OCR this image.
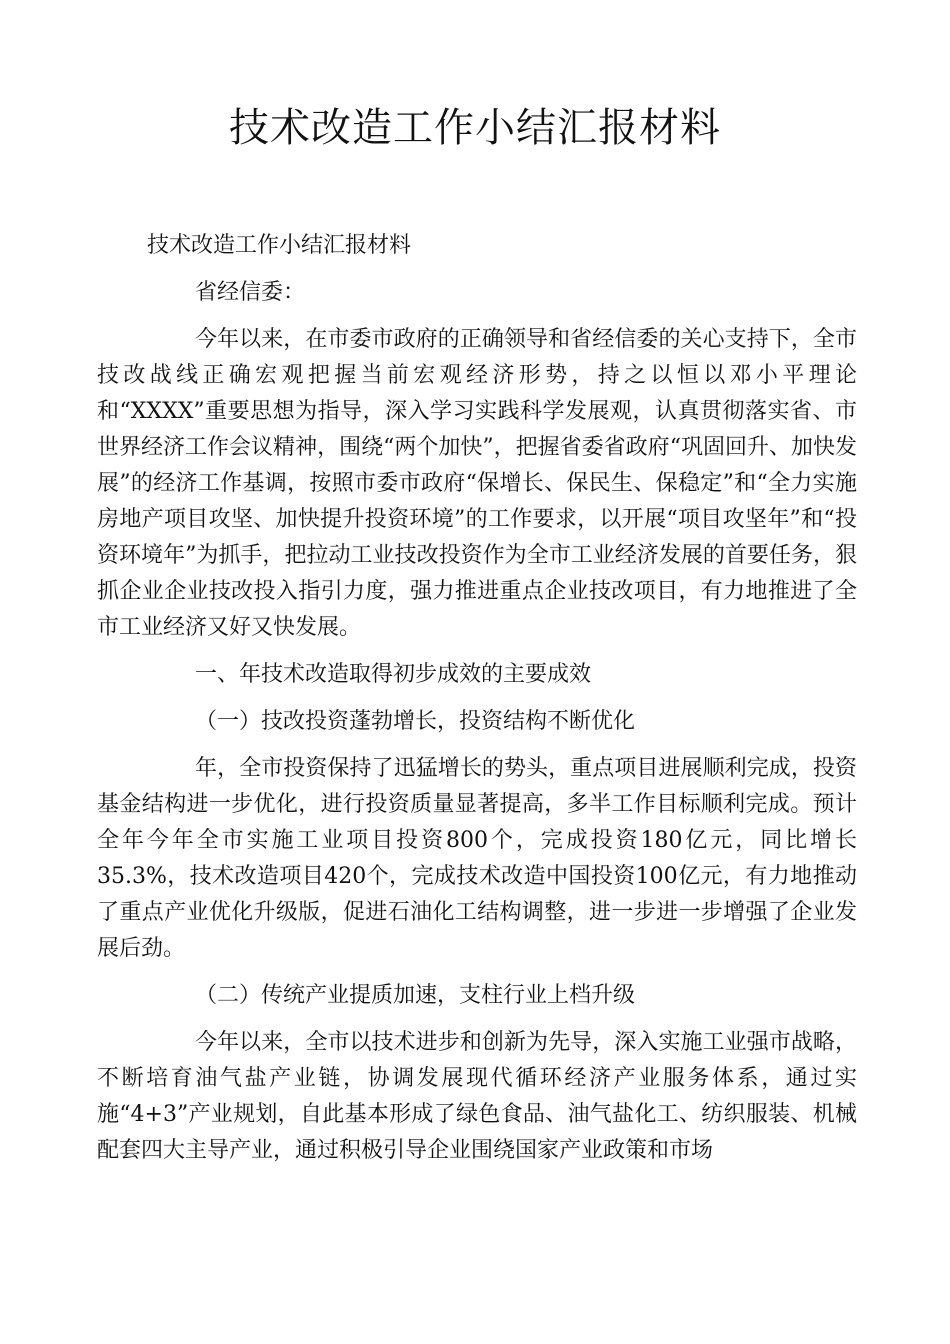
技术改造工作小结汇报材料

技术改造工作小结汇报材料

省经信委：

今年以来，在市委市政府的正确领导和省经信委的关心支持下，全市技改战线正确宏观把握当前宏观经济形势，持之以恒以邓小平理论和“XXXX”重要思想为指导，深入学习实践科学发展观，认真贯彻落实省、市世界经济工作会议精神，围绕“两个加快”，把握省委省政府“巩固回升、加快发展”的经济工作基调，按照市委市政府“保增长、保民生、保稳定”和“全力实施房地产项目攻坚、加快提升投资环境”的工作要求，以开展“项目攻坚年”和“投资环境年”为抓手，把拉动工业技改投资作为全市工业经济发展的首要任务，狠抓企业企业技改投入指引力度，强力推进重点企业技改项目，有力地推进了全市工业经济又好又快发展。

一、年技术改造取得初步成效的主要成效

（一）技改投资蓬勃增长，投资结构不断优化

年，全市投资保持了迅猛增长的势头，重点项目进展顺利完成，投资基金结构进一步优化，进行投资质量显著提高，多半工作目标顺利完成。预计全年今年全市实施工业项目投资800个，完成投资180亿元，同比增长35.3%，技术改造项目420个，完成技术改造中国投资100亿元，有力地推动了重点产业优化升级版，促进石油化工结构调整，进一步进一步增强了企业发展后劲。

（二）传统产业提质加速，支柱行业上档升级

今年以来，全市以技术进步和创新为先导，深入实施工业强市战略，不断培育油气盐产业链，协调发展现代循环经济产业服务体系，通过实施“4+3”产业规划，自此基本形成了绿色食品、油气盐化工、纺织服装、机械配套四大主导产业，通过积极引导企业围绕国家产业政策和市场
